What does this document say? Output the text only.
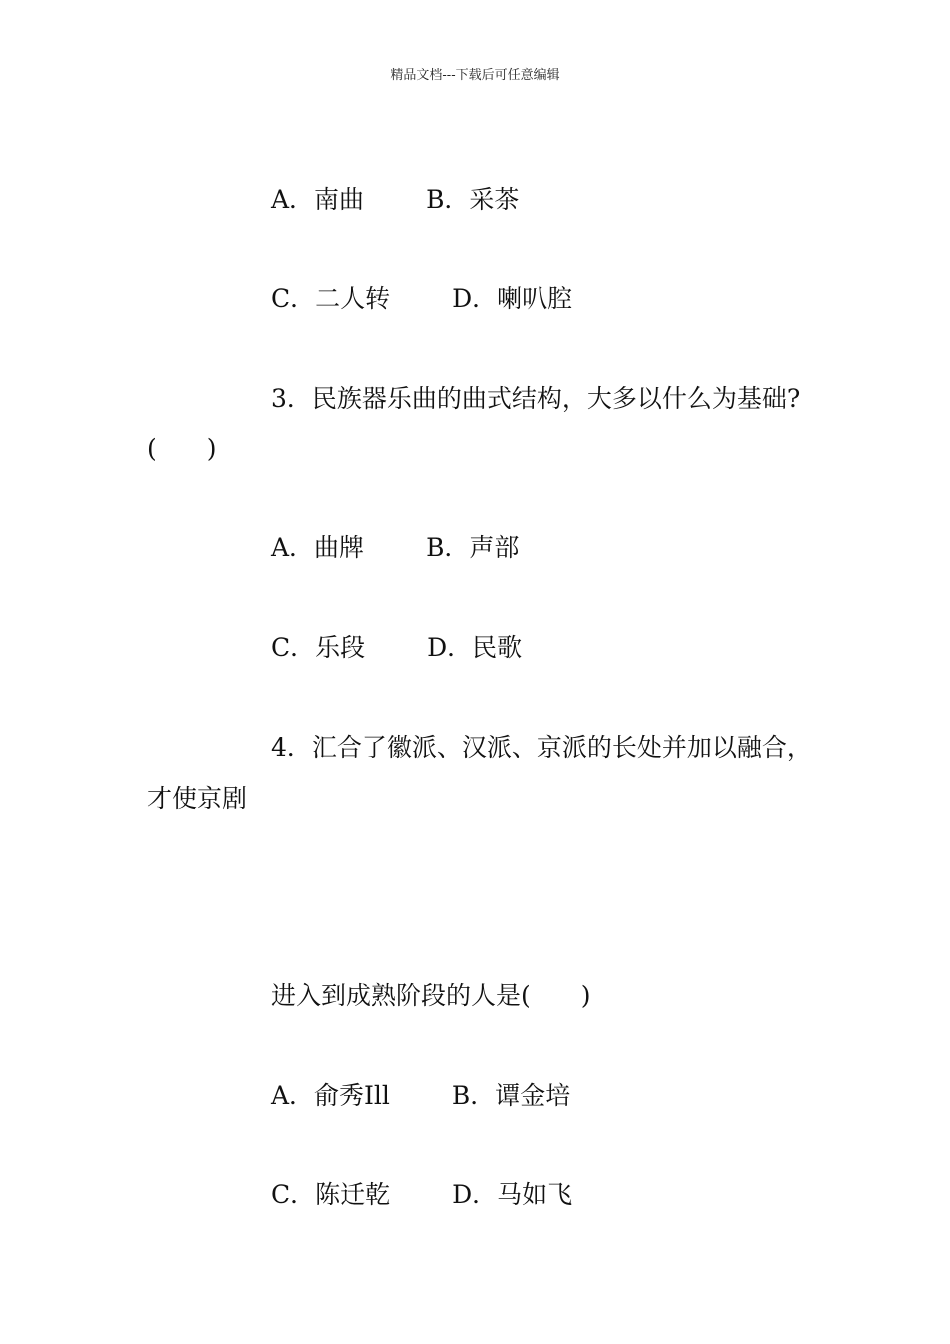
精品文档---下载后可任意编辑
A．南曲 B．采茶
C．二人转 D．喇叭腔
3．民族器乐曲的曲式结构，大多以什么为基础?
(　　)
A．曲牌 B．声部
C．乐段 D．民歌
4．汇合了徽派、汉派、京派的长处并加以融合，
才使京剧
进入到成熟阶段的人是(　　)
A．俞秀Ill B．谭金培
C．陈迁乾 D．马如飞
